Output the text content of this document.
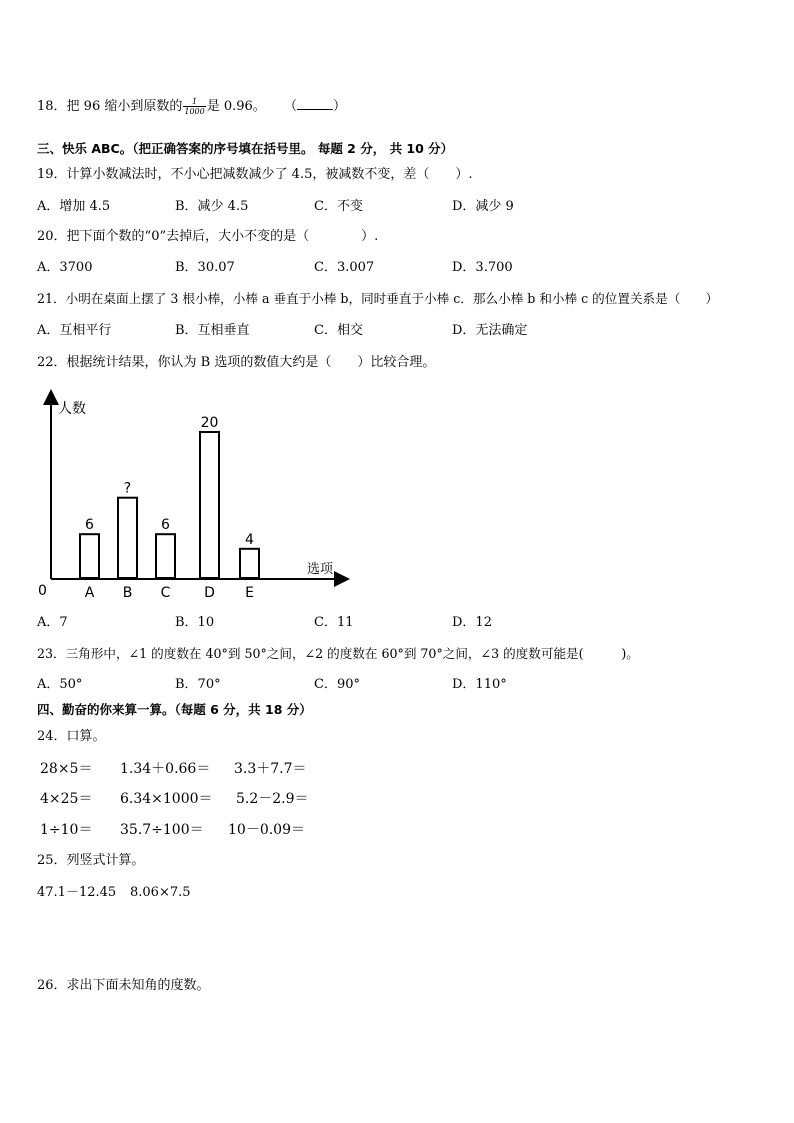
18．把 96 缩小到原数的 $\frac{1}{1000}$ 是 0.96。 （	）
三、快乐 ABC。（把正确答案的序号填在括号里。 每题 2 分， 共 10 分）
19．计算小数减法时，不小心把减数减少了 4.5，被减数不变，差（　　）.
A．增加 4.5	B．减少 4.5	C．不变	D．减少 9
20．把下面个数的“0”去掉后，大小不变的是（　　　　）.
A．3700	B．30.07	C．3.007	D．3.700
21．小明在桌面上摆了 3 根小棒，小棒 a 垂直于小棒 b，同时垂直于小棒 c．那么小棒 b 和小棒 c 的位置关系是（　　）
A．互相平行	B．互相垂直	C．相交	D．无法确定
22．根据统计结果，你认为 B 选项的数值大约是（　　）比较合理。
人数
选项
0
6
A
?
B
6
C
20
D
4
E
A．7	B．10	C．11	D．12
23．三角形中，∠1 的度数在 40°到 50°之间，∠2 的度数在 60°到 70°之间，∠3 的度数可能是(　　　)。
A．50°	B．70°	C．90°	D．110°
四、勤奋的你来算一算。（每题 6 分，共 18 分）
24．口算。
28×5＝ 1.34＋0.66＝ 3.3＋7.7＝
4×25＝ 6.34×1000＝ 5.2－2.9＝
1÷10＝ 35.7÷100＝ 10－0.09＝
25．列竖式计算。
47.1－12.45 8.06×7.5
26．求出下面未知角的度数。
